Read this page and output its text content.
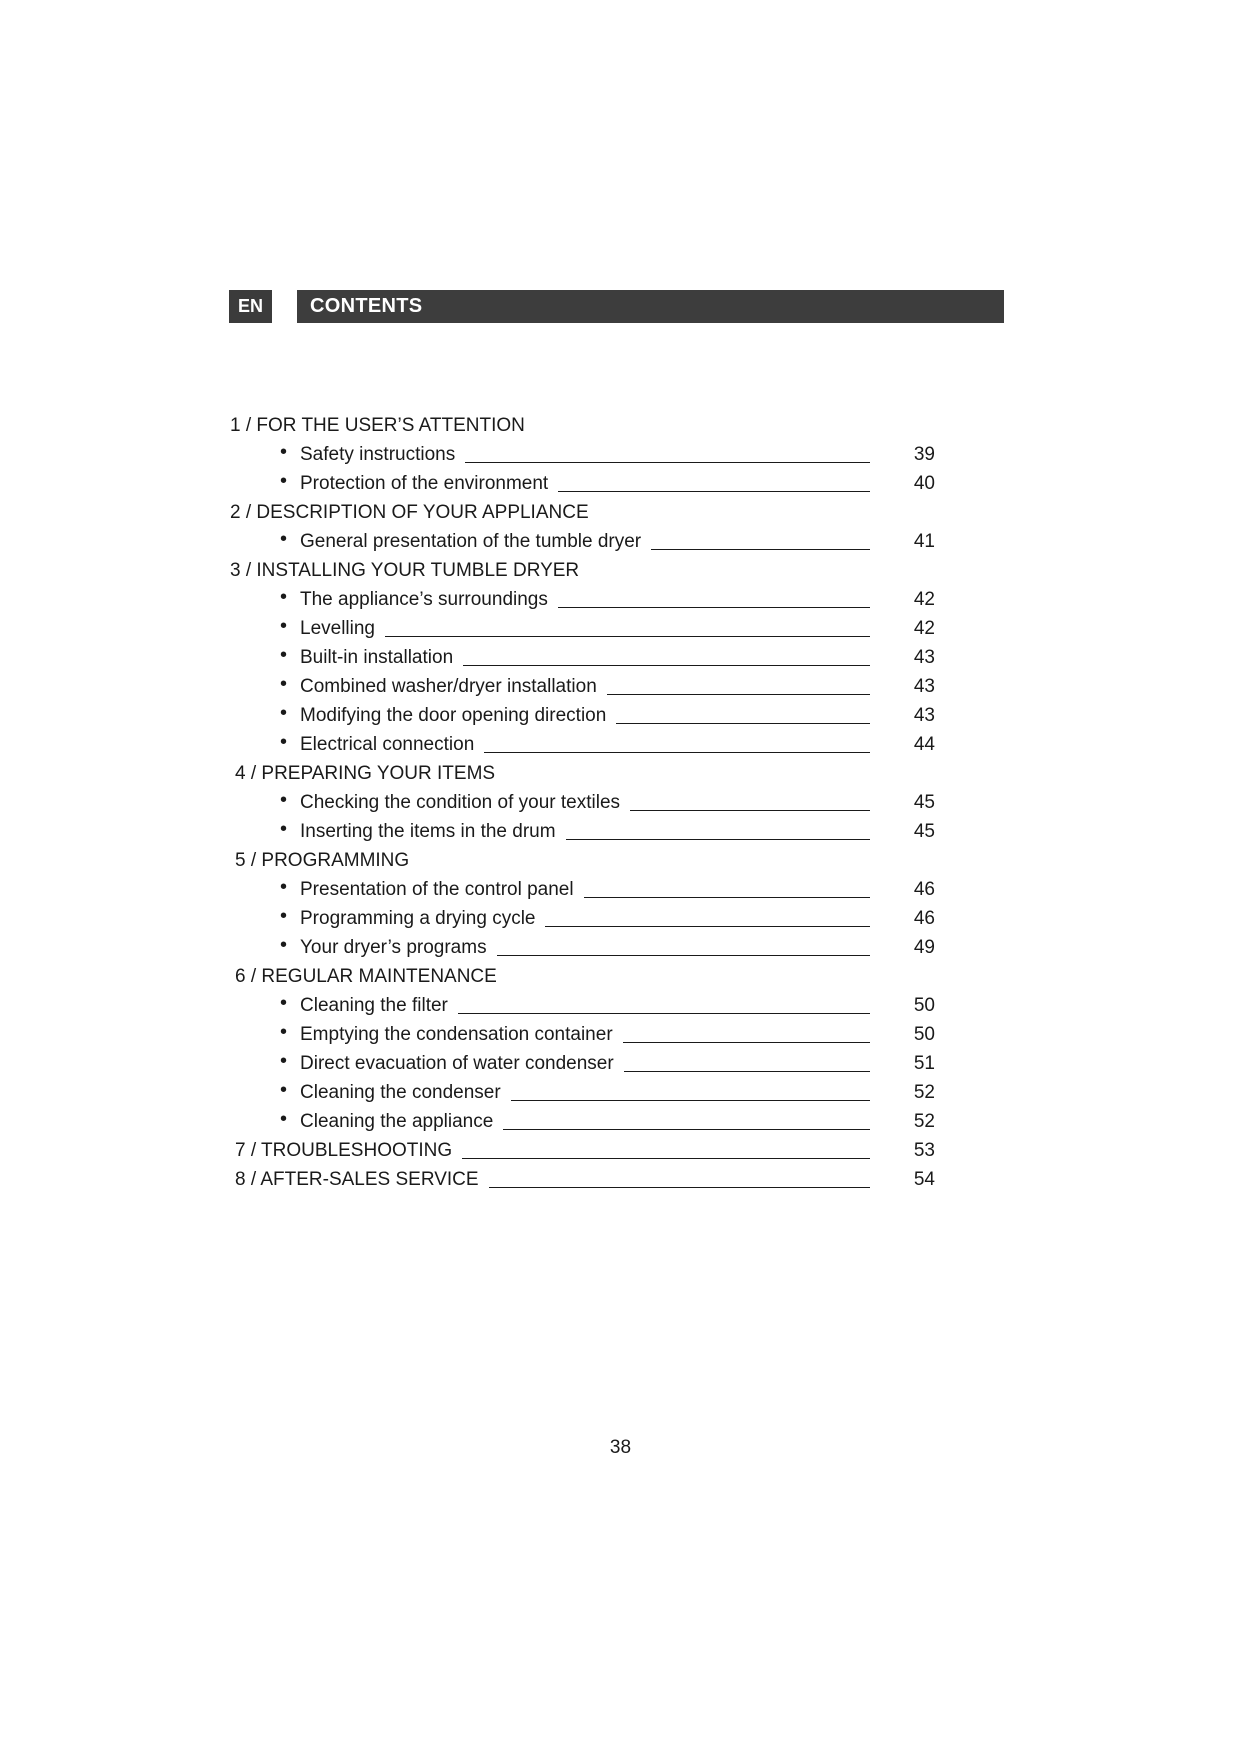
EN	CONTENTS
1 / FOR THE USER’S ATTENTION
• Safety instructions	39
• Protection of the environment	40
2 / DESCRIPTION OF YOUR APPLIANCE
• General presentation of the tumble dryer	41
3 / INSTALLING YOUR TUMBLE DRYER
• The appliance’s surroundings	42
• Levelling	42
• Built-in installation	43
• Combined washer/dryer installation	43
• Modifying the door opening direction	43
• Electrical connection	44
4 / PREPARING YOUR ITEMS
• Checking the condition of your textiles	45
• Inserting the items in the drum	45
5 / PROGRAMMING
• Presentation of the control panel	46
• Programming a drying cycle	46
• Your dryer’s programs	49
6 / REGULAR MAINTENANCE
• Cleaning the filter	50
• Emptying the condensation container	50
• Direct evacuation of water condenser	51
• Cleaning the condenser	52
• Cleaning the appliance	52
7 / TROUBLESHOOTING	53
8 / AFTER-SALES SERVICE	54
38
